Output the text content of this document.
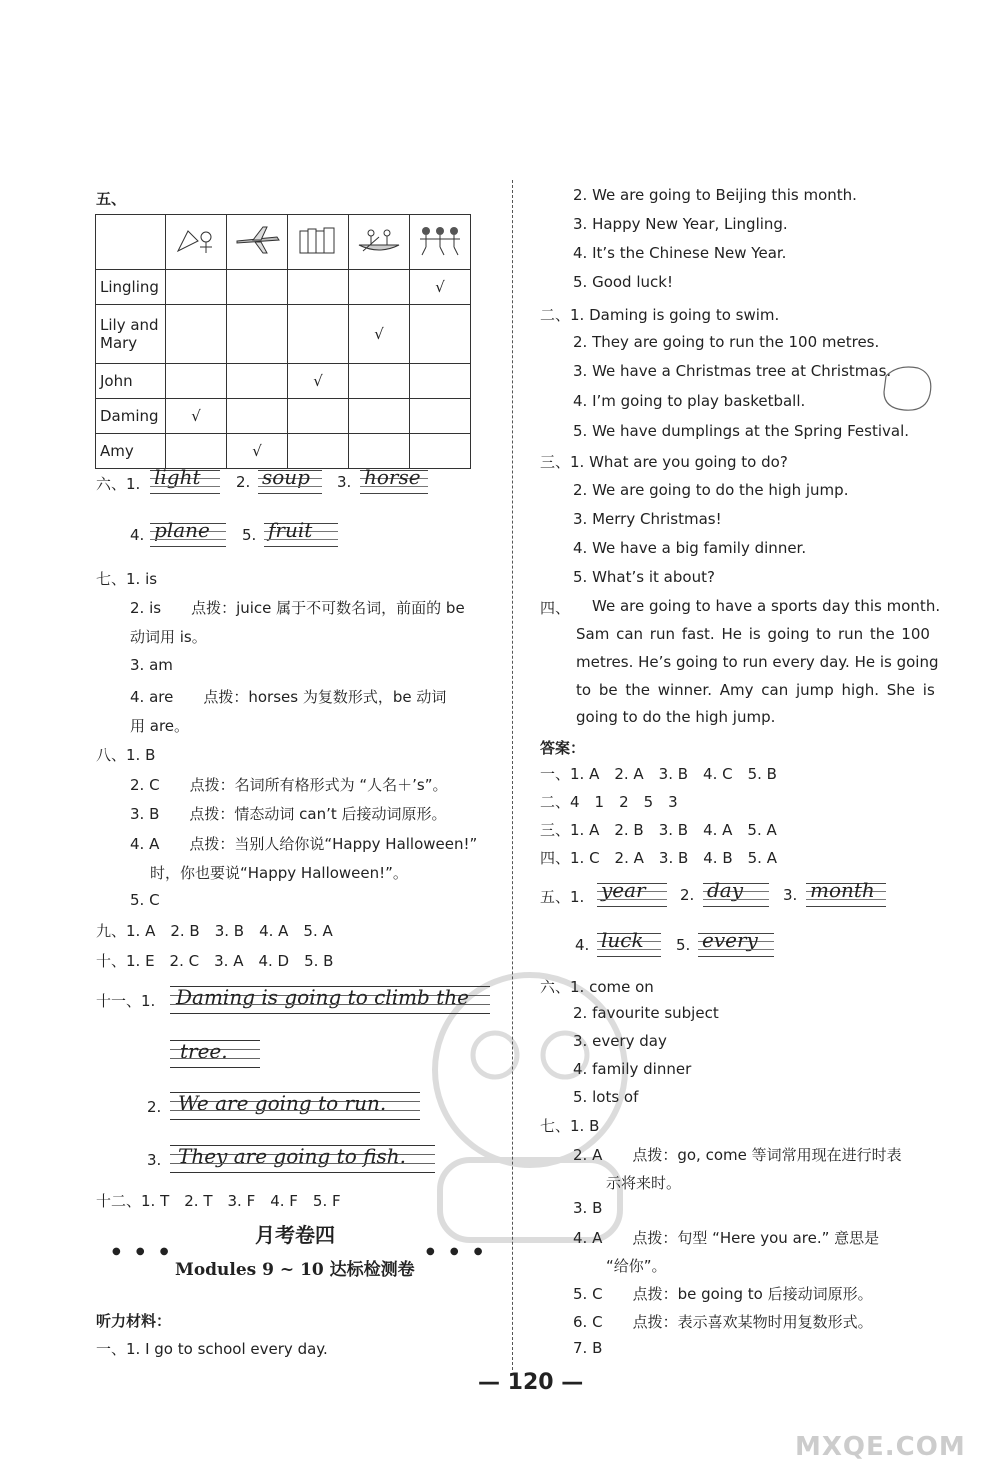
五、

Lingling					√
Lily and Mary				√	
John			√		
Daming	√				
Amy		√			
六、1. light 2. soup 3. horse
4. plane 5. fruit
七、1. is
2. is　　点拨：juice 属于不可数名词，前面的 be
动词用 is。
3. am
4. are　　点拨：horses 为复数形式，be 动词
用 are。
八、1. B
2. C　　点拨：名词所有格形式为 “人名＋’s”。
3. B　　点拨：情态动词 can’t 后接动词原形。
4. A　　点拨：当别人给你说“Happy Halloween!”
时，你也要说“Happy Halloween!”。
5. C
九、1. A　2. B　3. B　4. A　5. A
十、1. E　2. C　3. A　4. D　5. B
十一、1. Daming is going to climb the
tree.
2. We are going to run.
3. They are going to fish.
十二、1. T　2. T　3. F　4. F　5. F
月考卷四
● ● ●	● ● ●
Modules 9 ~ 10 达标检测卷
听力材料：
一、1. I go to school every day.
2. We are going to Beijing this month.
3. Happy New Year, Lingling.
4. It’s the Chinese New Year.
5. Good luck!
二、1. Daming is going to swim.
2. They are going to run the 100 metres.
3. We have a Christmas tree at Christmas.
4. I’m going to play basketball.
5. We have dumplings at the Spring Festival.
三、1. What are you going to do?
2. We are going to do the high jump.
3. Merry Christmas!
4. We have a big family dinner.
5. What’s it about?
四、 We are going to have a sports day this month.
Sam can run fast. He is going to run the 100
metres. He’s going to run every day. He is going
to be the winner. Amy can jump high. She is
going to do the high jump.
答案：
一、1. A　2. A　3. B　4. C　5. B
二、4　1　2　5　3
三、1. A　2. B　3. B　4. A　5. A
四、1. C　2. A　3. B　4. B　5. A
五、1. year 2. day	3. month
4. luck 5. every
六、1. come on
2. favourite subject
3. every day
4. family dinner
5. lots of
七、1. B
2. A　　点拨：go, come 等词常用现在进行时表
示将来时。
3. B
4. A　　点拨：句型 “Here you are.” 意思是
“给你”。
5. C　　点拨：be going to 后接动词原形。
6. C　　点拨：表示喜欢某物时用复数形式。
7. B
— 120 —
MXQE.COM
